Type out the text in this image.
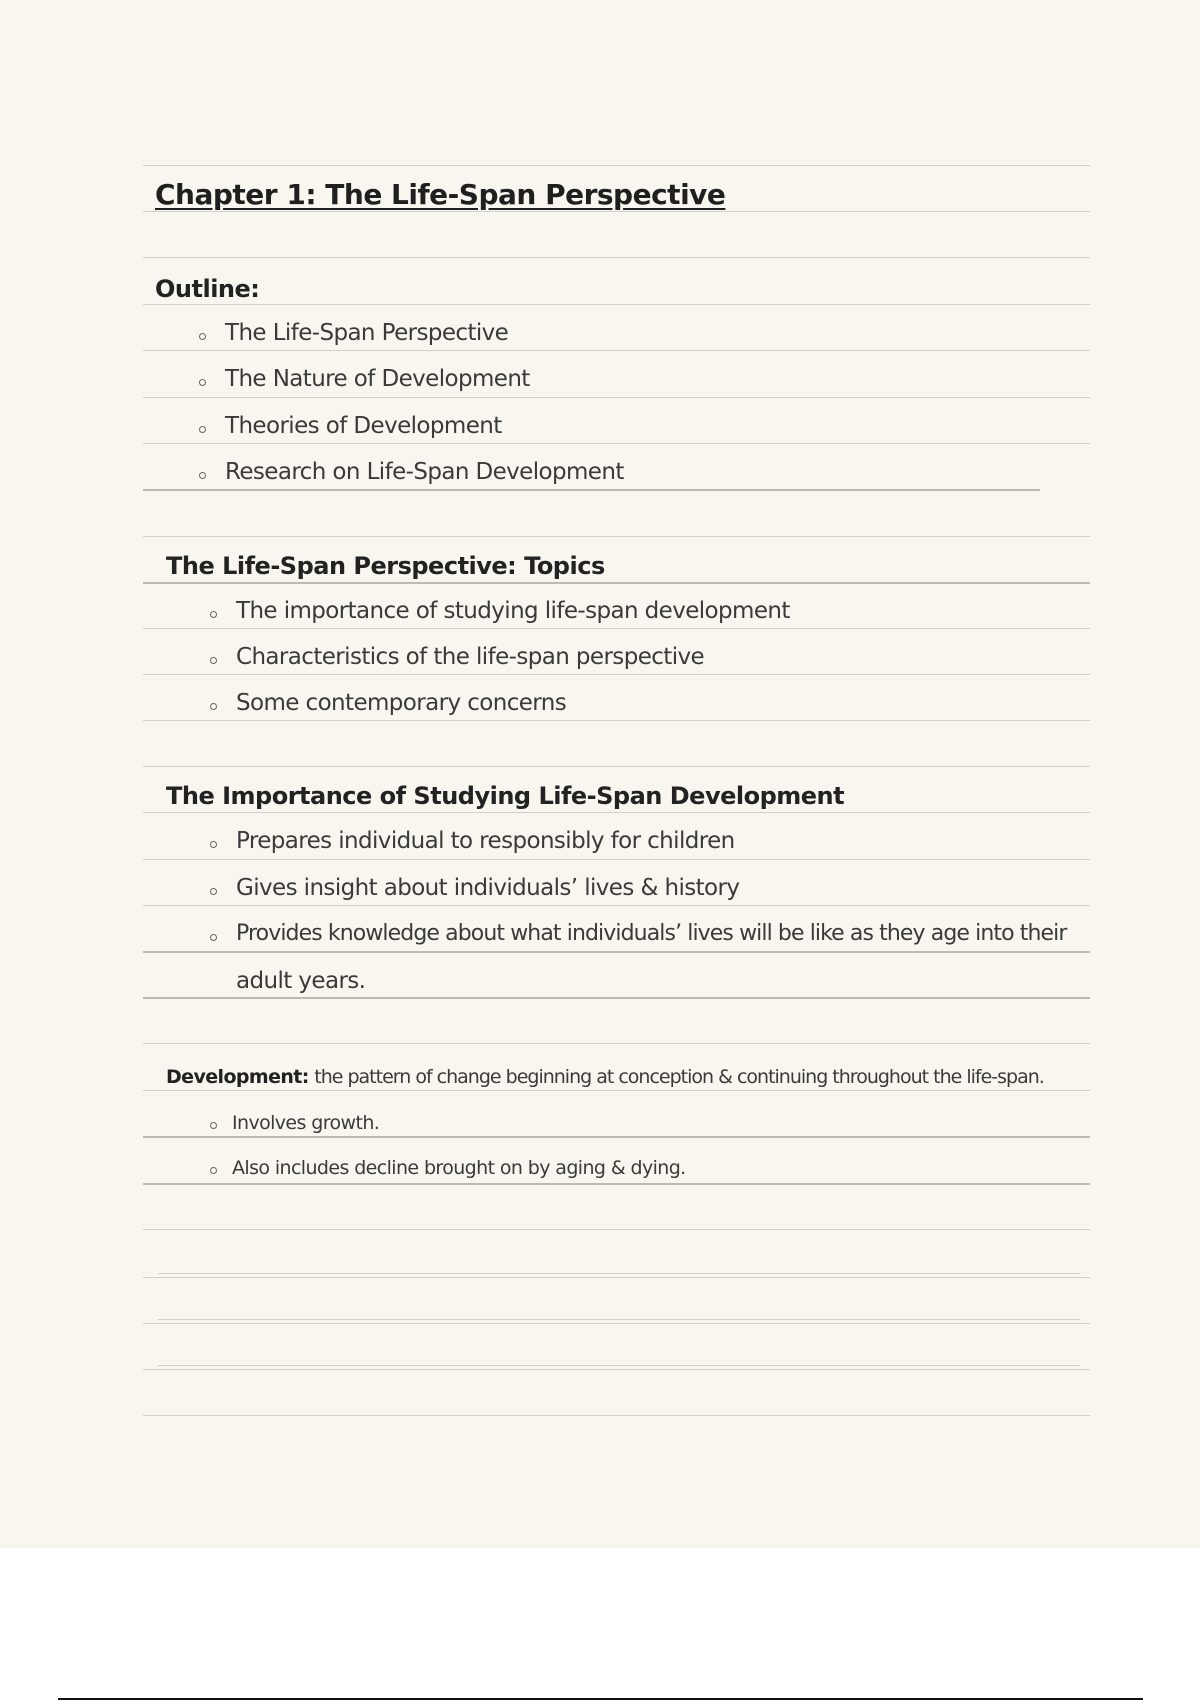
Chapter 1: The Life-Span Perspective
Outline:
The Life-Span Perspective
The Nature of Development
Theories of Development
Research on Life-Span Development
The Life-Span Perspective: Topics
The importance of studying life-span development
Characteristics of the life-span perspective
Some contemporary concerns
The Importance of Studying Life-Span Development
Prepares individual to responsibly for children
Gives insight about individuals’ lives & history
Provides knowledge about what individuals’ lives will be like as they age into their
adult years.
Development: the pattern of change beginning at conception & continuing throughout the life-span.
Involves growth.
Also includes decline brought on by aging & dying.
